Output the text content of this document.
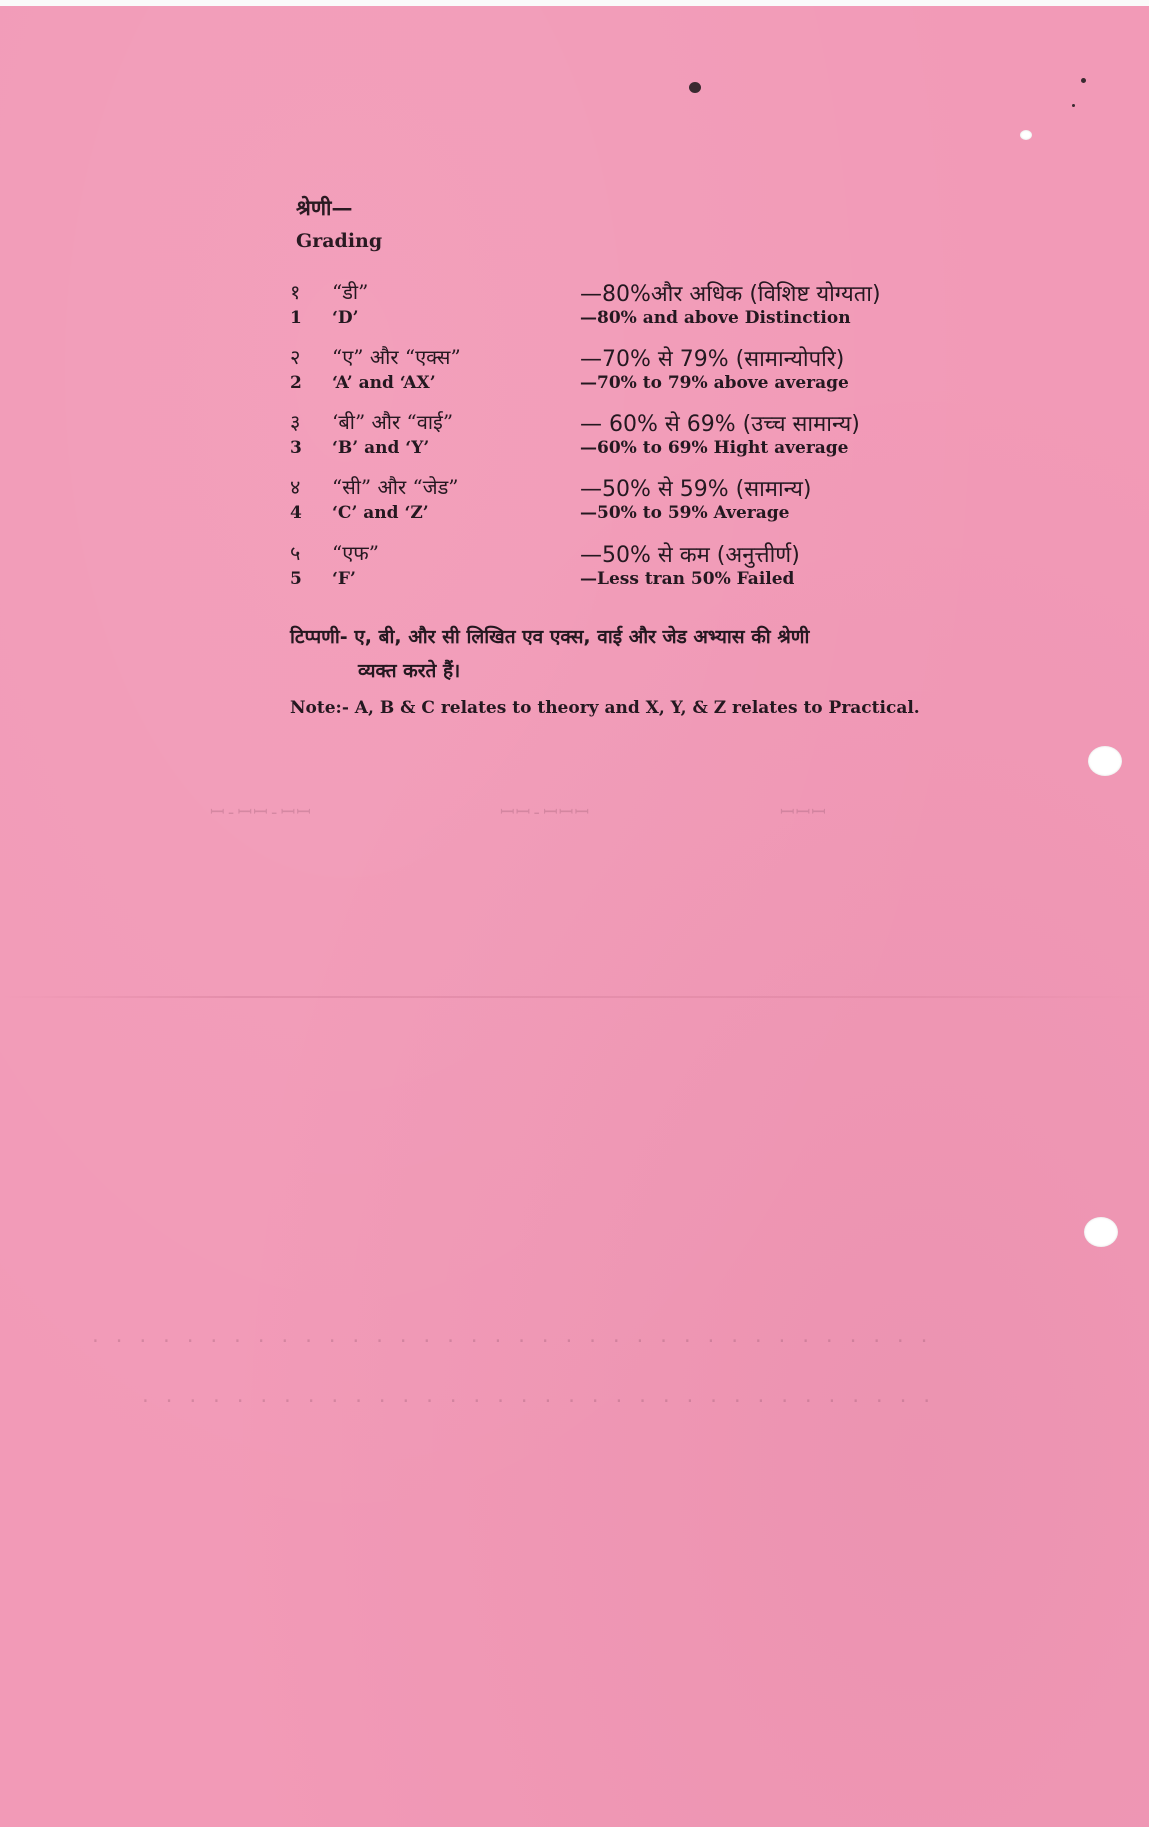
श्रेणी—
Grading
१	“डी”	—80%और अधिक (विशिष्ट योग्यता)
1	‘D’	—80% and above Distinction
२	“ए” और “एक्स”	—70% से 79% (सामान्योपरि)
2	‘A’ and ‘AX’	—70% to 79% above average
३	‘बी” और “वाई”	— 60% से 69% (उच्च सामान्य)
3	‘B’ and ‘Y’	—60% to 69% Hight average
४	“सी” और “जेड”	—50% से 59% (सामान्य)
4	‘C’ and ‘Z’	—50% to 59% Average
५	“एफ”	—50% से कम (अनुत्तीर्ण)
5	‘F’	—Less tran 50% Failed
टिप्पणी- ए, बी, और सी लिखित एव एक्स, वाई और जेड अभ्यास की श्रेणी
व्यक्त करते हैं।
Note:- A, B & C relates to theory and X, Y, & Z relates to Practical.
ꟷ-ꟷꟷ-ꟷꟷ	ꟷꟷ-ꟷꟷꟷ	ꟷꟷꟷ
. . . . . . . . . . . . . . . . . . . . . . . . . . . . . . . . . . . .
. . . . . . . . . . . . . . . . . . . . . . . . . . . . . . . . . .
